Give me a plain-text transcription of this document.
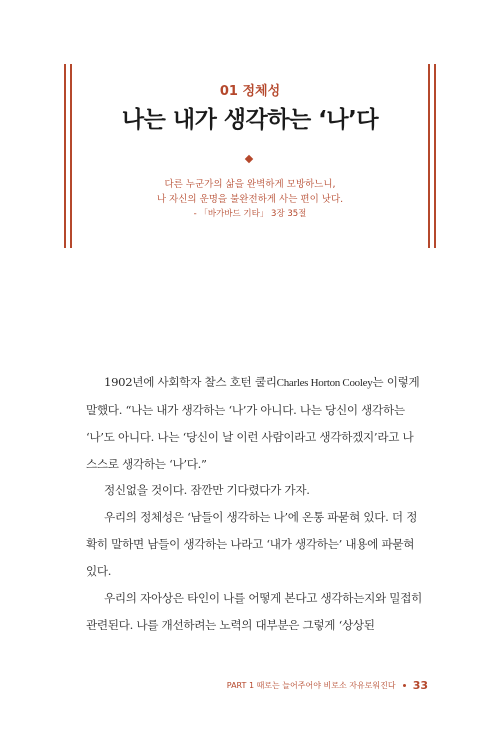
01 정체성
나는 내가 생각하는 ‘나’다
다른 누군가의 삶을 완벽하게 모방하느니,
나 자신의 운명을 불완전하게 사는 편이 낫다.
- 「바가바드 기타」 3장 35절

1902년에 사회학자 찰스 호턴 쿨리Charles Horton Cooley는 이렇게 말했다. “나는 내가 생각하는 ‘나’가 아니다. 나는 당신이 생각하는 ‘나’도 아니다. 나는 ‘당신이 날 이런 사람이라고 생각하겠지’라고 나 스스로 생각하는 ‘나’다.”

정신없을 것이다. 잠깐만 기다렸다가 가자.

우리의 정체성은 ‘남들이 생각하는 나’에 온통 파묻혀 있다. 더 정확히 말하면 남들이 생각하는 나라고 ‘내가 생각하는’ 내용에 파묻혀 있다.

우리의 자아상은 타인이 나를 어떻게 본다고 생각하는지와 밀접히 관련된다. 나를 개선하려는 노력의 대부분은 그렇게 ‘상상된

PART 1 때로는 늘어주어야 비로소 자유로워진다 33
